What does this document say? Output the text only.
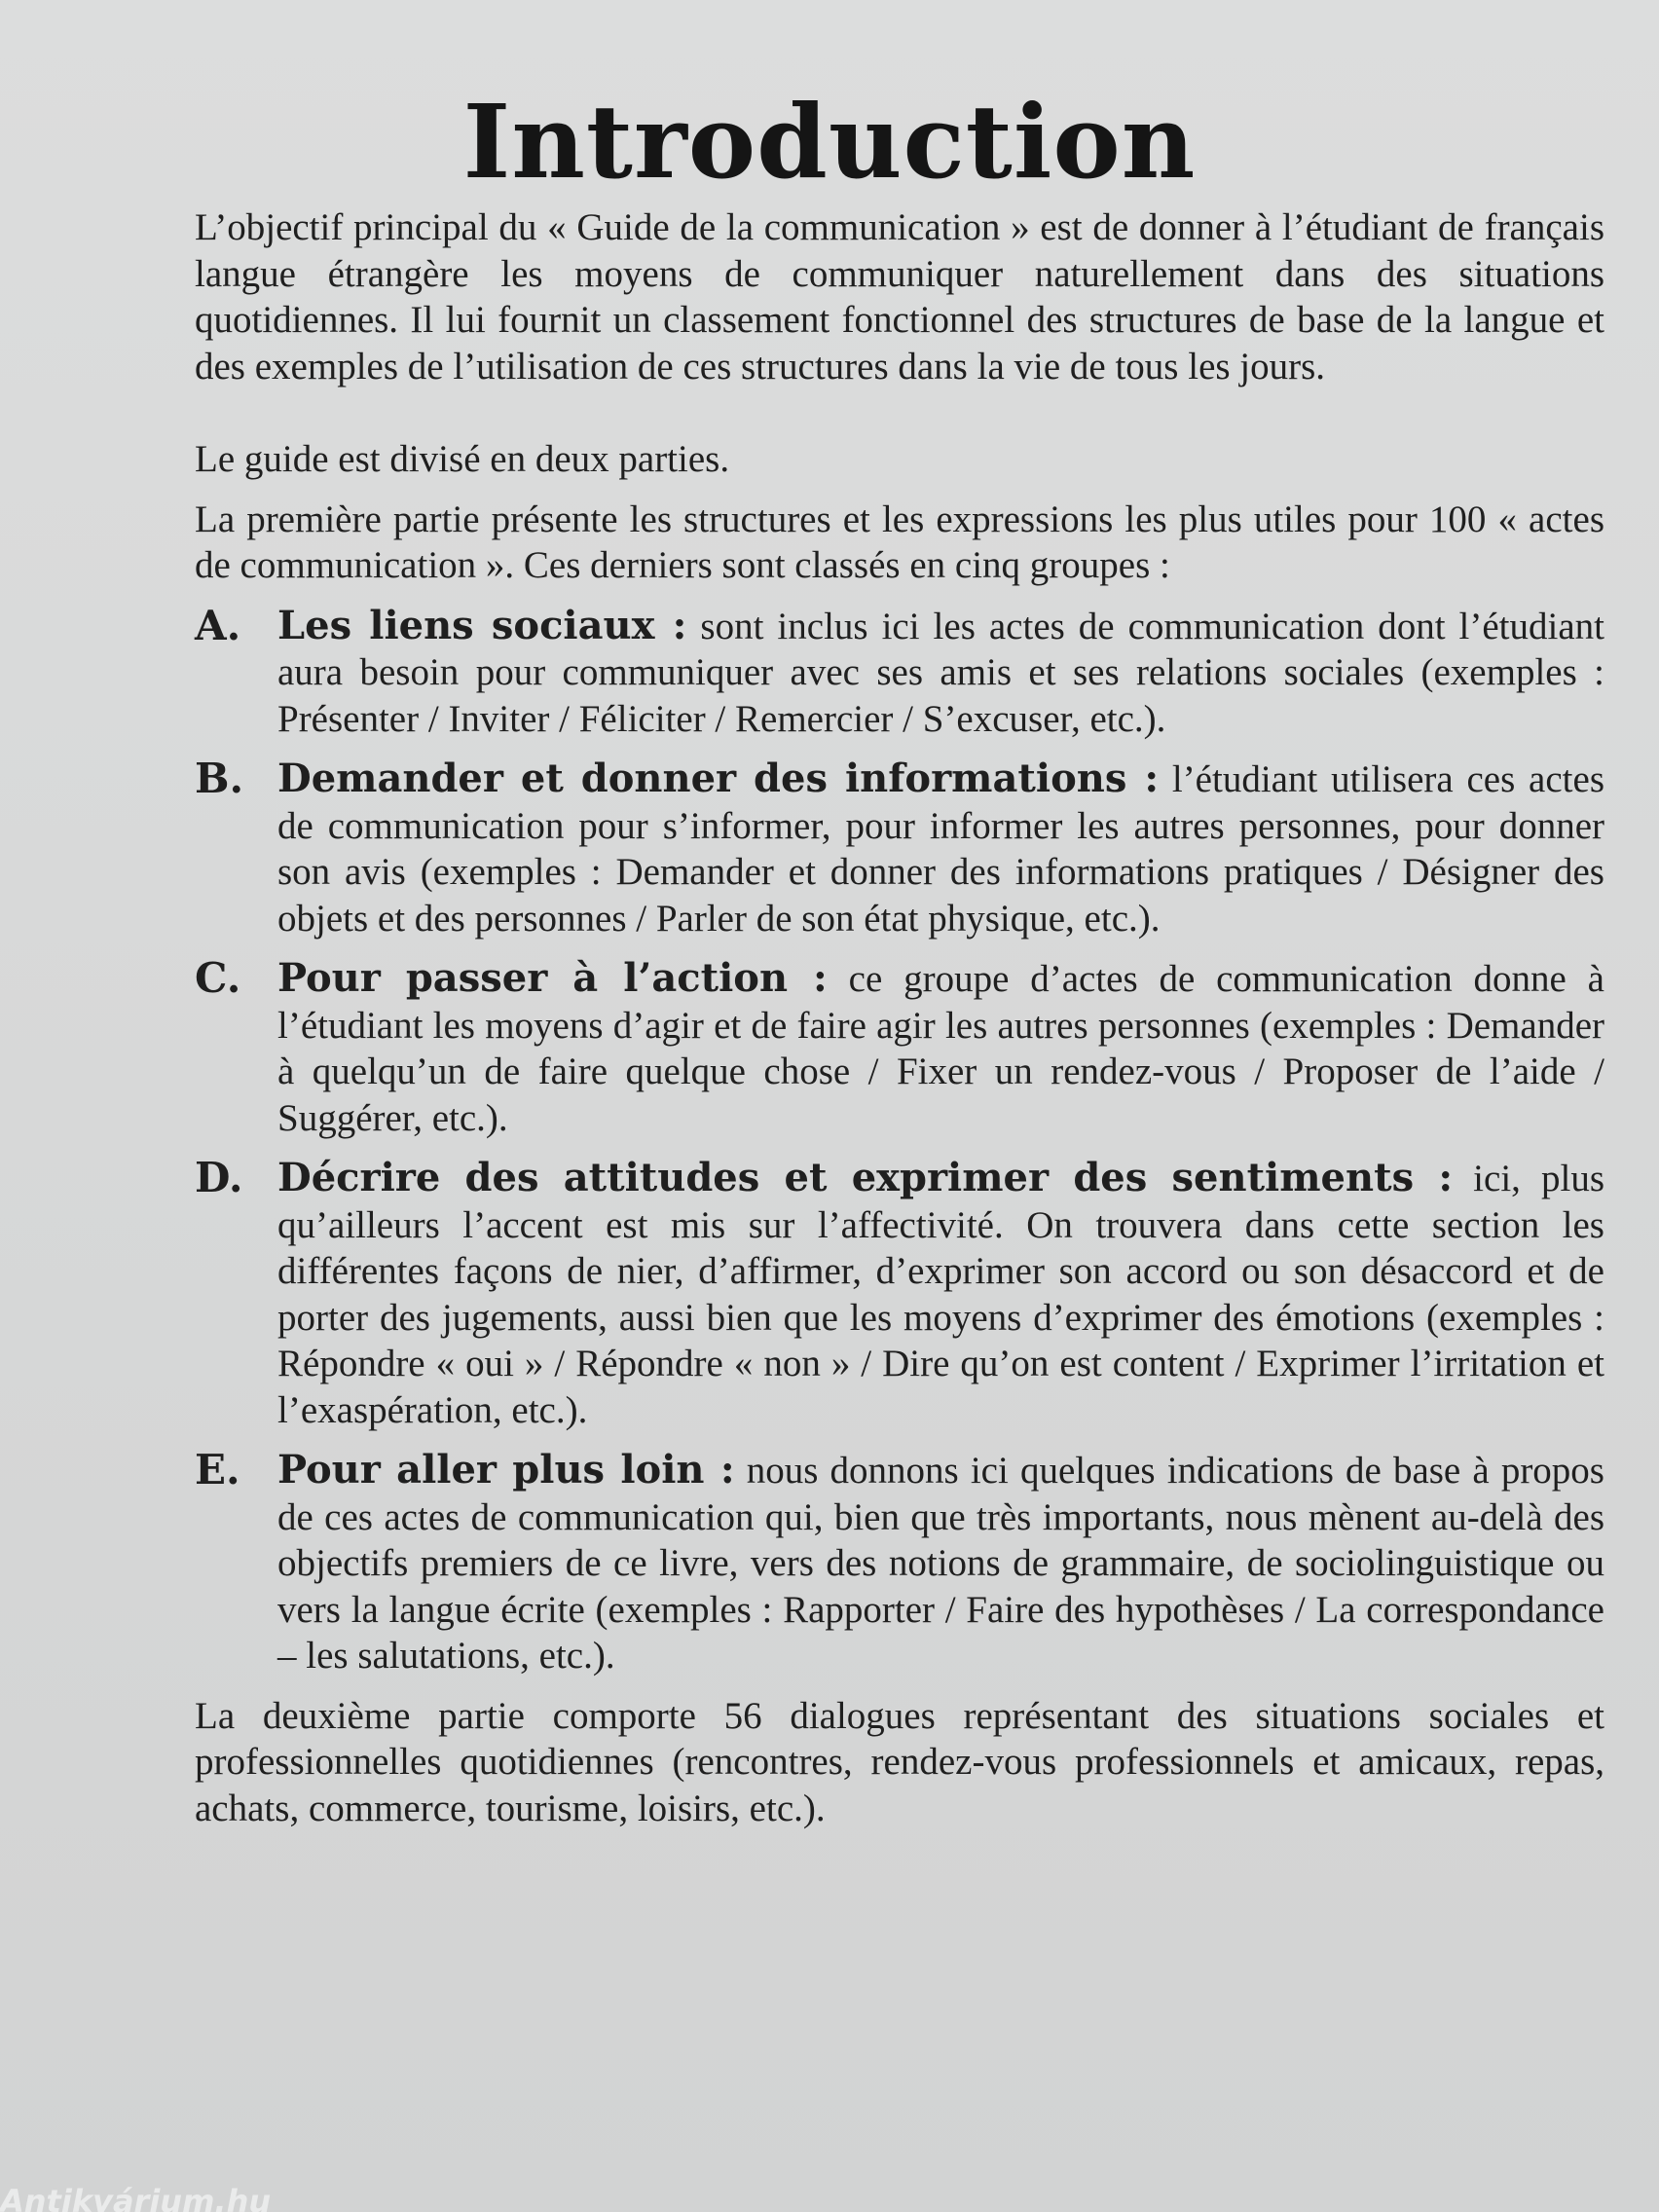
Introduction

L’objectif principal du « Guide de la communication » est de donner à l’étudiant de français langue étrangère les moyens de communiquer naturellement dans des situations quotidiennes. Il lui fournit un classement fonctionnel des structures de base de la langue et des exemples de l’utilisation de ces structures dans la vie de tous les jours.

Le guide est divisé en deux parties.

La première partie présente les structures et les expressions les plus utiles pour 100 « actes de communication ». Ces derniers sont classés en cinq groupes :

A. Les liens sociaux : sont inclus ici les actes de communication dont l’étudiant aura besoin pour communiquer avec ses amis et ses relations sociales (exemples : Présenter / Inviter / Féliciter / Remercier / S’excuser, etc.).
B. Demander et donner des informations : l’étudiant utilisera ces actes de communication pour s’informer, pour informer les autres personnes, pour donner son avis (exemples : Demander et donner des informations pratiques / Désigner des objets et des personnes / Parler de son état physique, etc.).
C. Pour passer à l’action : ce groupe d’actes de communication donne à l’étudiant les moyens d’agir et de faire agir les autres personnes (exemples : Demander à quelqu’un de faire quelque chose / Fixer un rendez-vous / Proposer de l’aide / Suggérer, etc.).
D. Décrire des attitudes et exprimer des sentiments : ici, plus qu’ailleurs l’accent est mis sur l’affectivité. On trouvera dans cette section les différentes façons de nier, d’affirmer, d’exprimer son accord ou son désaccord et de porter des jugements, aussi bien que les moyens d’exprimer des émotions (exemples : Répondre « oui » / Répondre « non » / Dire qu’on est content / Exprimer l’irritation et l’exaspération, etc.).
E. Pour aller plus loin : nous donnons ici quelques indications de base à propos de ces actes de communication qui, bien que très importants, nous mènent au-delà des objectifs premiers de ce livre, vers des notions de grammaire, de sociolinguistique ou vers la langue écrite (exemples : Rapporter / Faire des hypothèses / La correspondance – les salutations, etc.).

La deuxième partie comporte 56 dialogues représentant des situations sociales et professionnelles quotidiennes (rencontres, rendez-vous professionnels et amicaux, repas, achats, commerce, tourisme, loisirs, etc.).

Antikvárium.hu
